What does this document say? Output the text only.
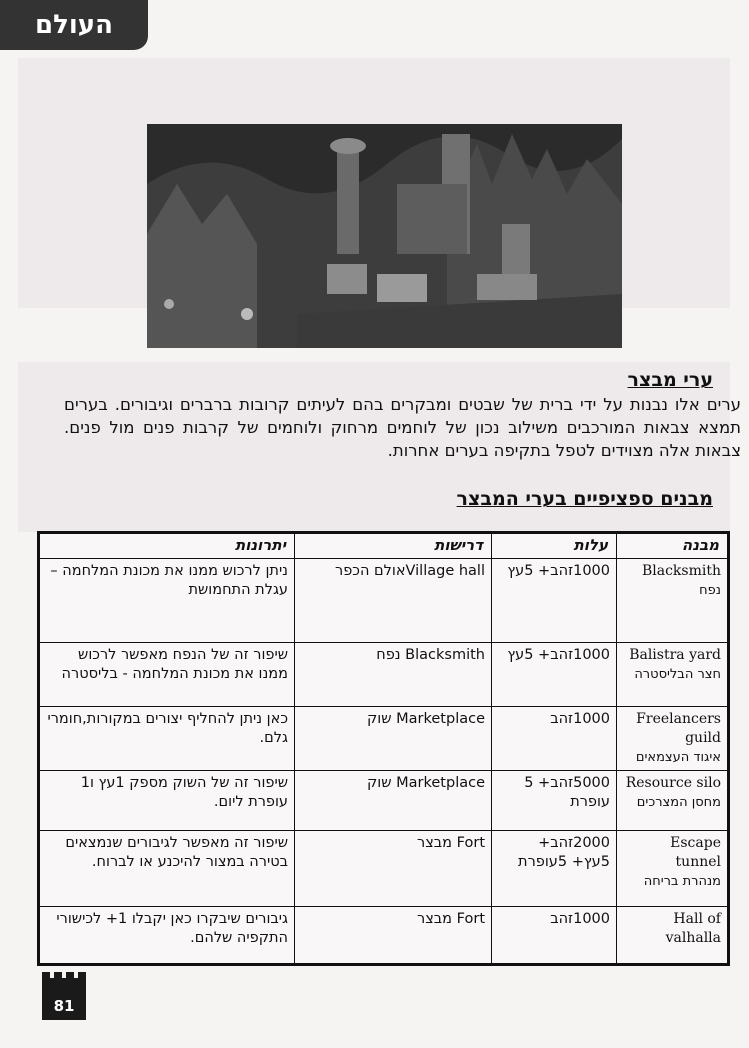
העולם
ערי מבצר
ערים אלו נבנות על ידי ברית של שבטים ומבקרים בהם לעיתים קרובות ברברים וגיבורים. בערים תמצא צבאות המורכבים משילוב נכון של לוחמים מרחוק ולוחמים של קרבות פנים מול פנים. צבאות אלה מצוידים לטפל בתקיפה בערים אחרות.
מבנים ספציפיים בערי המבצר
מבנה	עלות	דרישות	יתרונות

Blacksmith
נפח	1000זהב+ 5עץ	Village hallאולם הכפר	ניתן לרכוש ממנו את מכונת המלחמה – עגלת התחמושת

Balistra yard
חצר הבליסטרה	1000זהב+ 5עץ	Blacksmith נפח	שיפור זה של הנפח מאפשר לרכוש ממנו את מכונת המלחמה - בליסטרה

Freelancers guild
איגוד העצמאים	1000זהב	Marketplace שוק	כאן ניתן להחליף יצורים במקורות,חומרי גלם.

Resource silo
מחסן המצרכים	5000זהב+ 5 עופרת	Marketplace שוק	שיפור זה של השוק מספק 1עץ ו1 עופרת ליום.

Escape tunnel
מנהרת בריחה	2000זהב+ 5עץ+ 5עופרת	Fort מבצר	שיפור זה מאפשר לגיבורים שנמצאים בטירה במצור להיכנע או לברוח.

Hall of valhalla	1000זהב	Fort מבצר	גיבורים שיבקרו כאן יקבלו 1+ לכישורי התקפיה שלהם.
81
